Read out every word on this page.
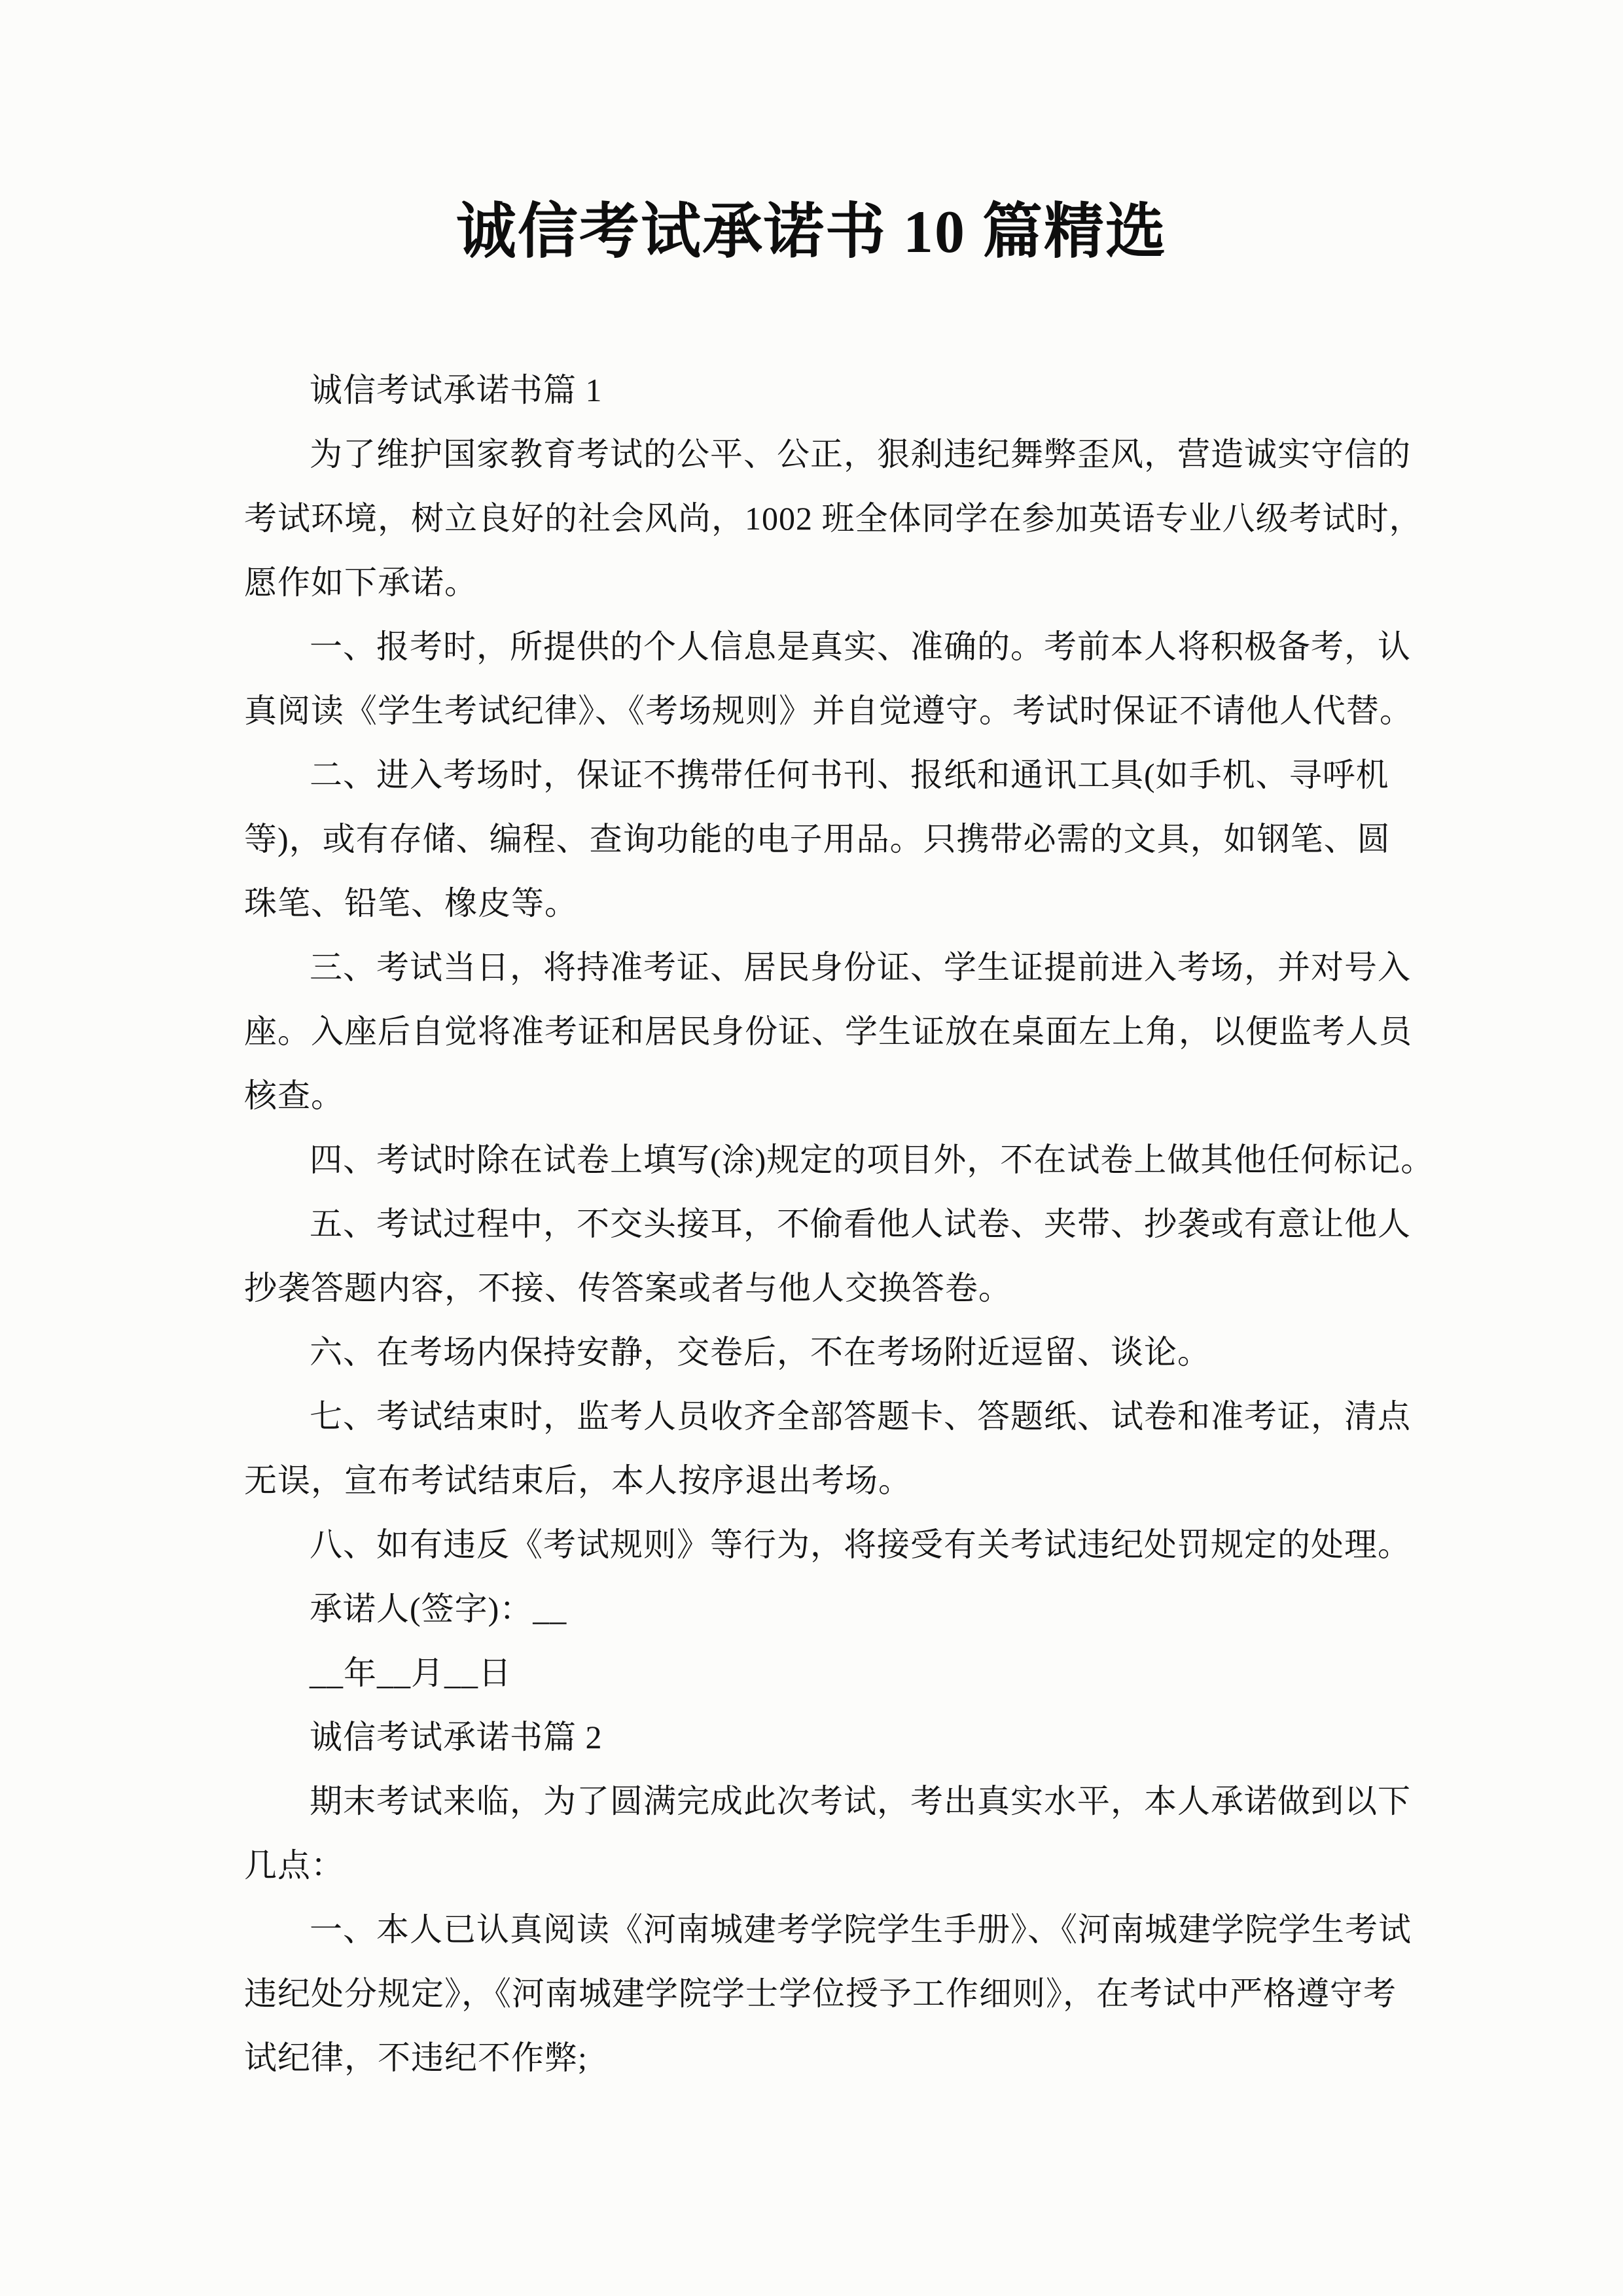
诚信考试承诺书 10 篇精选

诚信考试承诺书篇 1

为了维护国家教育考试的公平、公正，狠刹违纪舞弊歪风，营造诚实守信的

考试环境，树立良好的社会风尚，1002 班全体同学在参加英语专业八级考试时，

愿作如下承诺。

一、报考时，所提供的个人信息是真实、准确的。考前本人将积极备考，认

真阅读《学生考试纪律》、《考场规则》并自觉遵守。考试时保证不请他人代替。

二、进入考场时，保证不携带任何书刊、报纸和通讯工具(如手机、寻呼机

等)，或有存储、编程、查询功能的电子用品。只携带必需的文具，如钢笔、圆

珠笔、铅笔、橡皮等。

三、考试当日，将持准考证、居民身份证、学生证提前进入考场，并对号入

座。入座后自觉将准考证和居民身份证、学生证放在桌面左上角，以便监考人员

核查。

四、考试时除在试卷上填写(涂)规定的项目外，不在试卷上做其他任何标记。

五、考试过程中，不交头接耳，不偷看他人试卷、夹带、抄袭或有意让他人

抄袭答题内容，不接、传答案或者与他人交换答卷。

六、在考场内保持安静，交卷后，不在考场附近逗留、谈论。

七、考试结束时，监考人员收齐全部答题卡、答题纸、试卷和准考证，清点

无误，宣布考试结束后，本人按序退出考场。

八、如有违反《考试规则》等行为，将接受有关考试违纪处罚规定的处理。

承诺人(签字)：__

__年__月__日

诚信考试承诺书篇 2

期末考试来临，为了圆满完成此次考试，考出真实水平，本人承诺做到以下

几点：

一、本人已认真阅读《河南城建考学院学生手册》、《河南城建学院学生考试

违纪处分规定》，《河南城建学院学士学位授予工作细则》，在考试中严格遵守考

试纪律，不违纪不作弊;
